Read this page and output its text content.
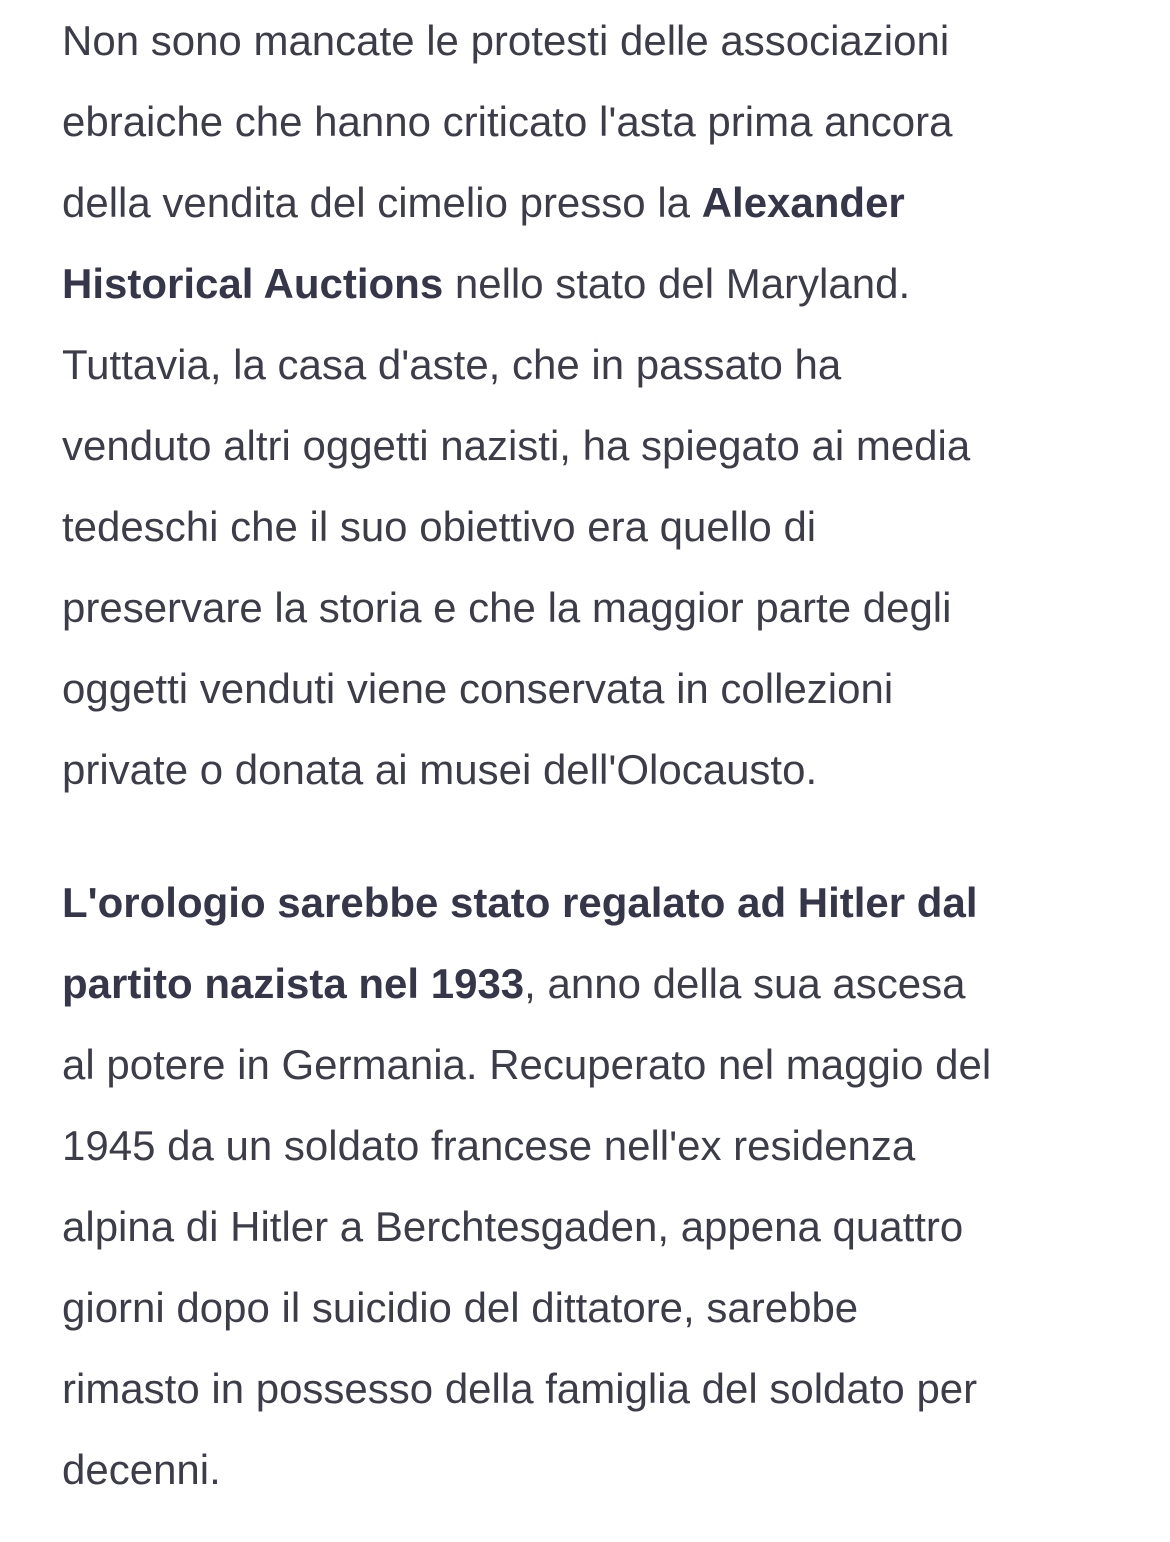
Non sono mancate le protesti delle associazioni
ebraiche che hanno criticato l'asta prima ancora
della vendita del cimelio presso la Alexander
Historical Auctions nello stato del Maryland.
Tuttavia, la casa d'aste, che in passato ha
venduto altri oggetti nazisti, ha spiegato ai media
tedeschi che il suo obiettivo era quello di
preservare la storia e che la maggior parte degli
oggetti venduti viene conservata in collezioni
private o donata ai musei dell'Olocausto.

L'orologio sarebbe stato regalato ad Hitler dal
partito nazista nel 1933, anno della sua ascesa
al potere in Germania. Recuperato nel maggio del
1945 da un soldato francese nell'ex residenza
alpina di Hitler a Berchtesgaden, appena quattro
giorni dopo il suicidio del dittatore, sarebbe
rimasto in possesso della famiglia del soldato per
decenni.
